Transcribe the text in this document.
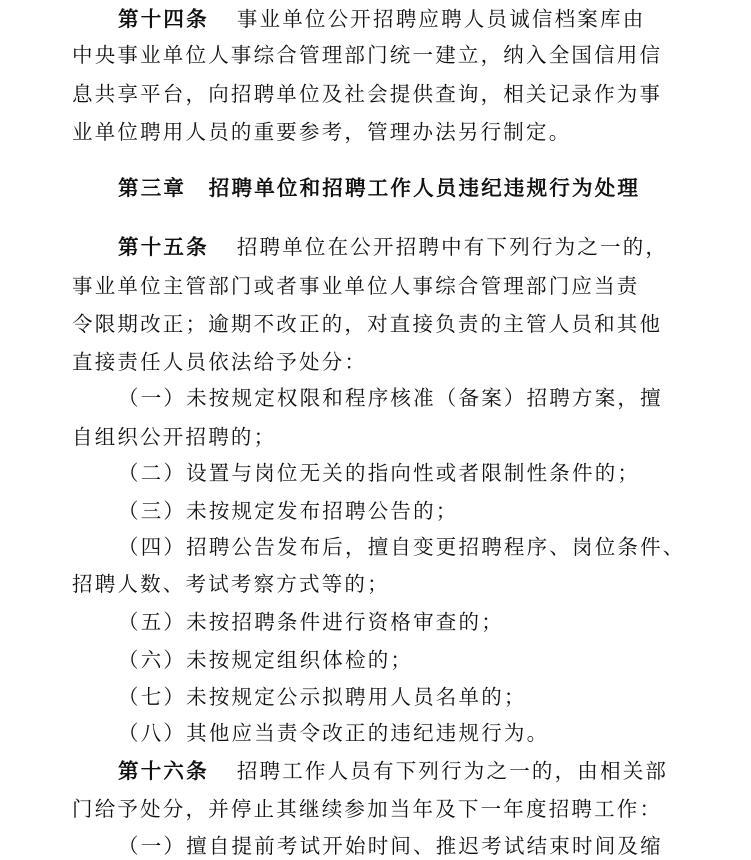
第十四条 事业单位公开招聘应聘人员诚信档案库由
中央事业单位人事综合管理部门统一建立，纳入全国信用信
息共享平台，向招聘单位及社会提供查询，相关记录作为事
业单位聘用人员的重要参考，管理办法另行制定。
第三章　招聘单位和招聘工作人员违纪违规行为处理
第十五条 招聘单位在公开招聘中有下列行为之一的，
事业单位主管部门或者事业单位人事综合管理部门应当责
令限期改正；逾期不改正的，对直接负责的主管人员和其他
直接责任人员依法给予处分：
（一）未按规定权限和程序核准（备案）招聘方案，擅
自组织公开招聘的；
（二）设置与岗位无关的指向性或者限制性条件的；
（三）未按规定发布招聘公告的；
（四）招聘公告发布后，擅自变更招聘程序、岗位条件、
招聘人数、考试考察方式等的；
（五）未按招聘条件进行资格审查的；
（六）未按规定组织体检的；
（七）未按规定公示拟聘用人员名单的；
（八）其他应当责令改正的违纪违规行为。
第十六条 招聘工作人员有下列行为之一的，由相关部
门给予处分，并停止其继续参加当年及下一年度招聘工作：
（一）擅自提前考试开始时间、推迟考试结束时间及缩
